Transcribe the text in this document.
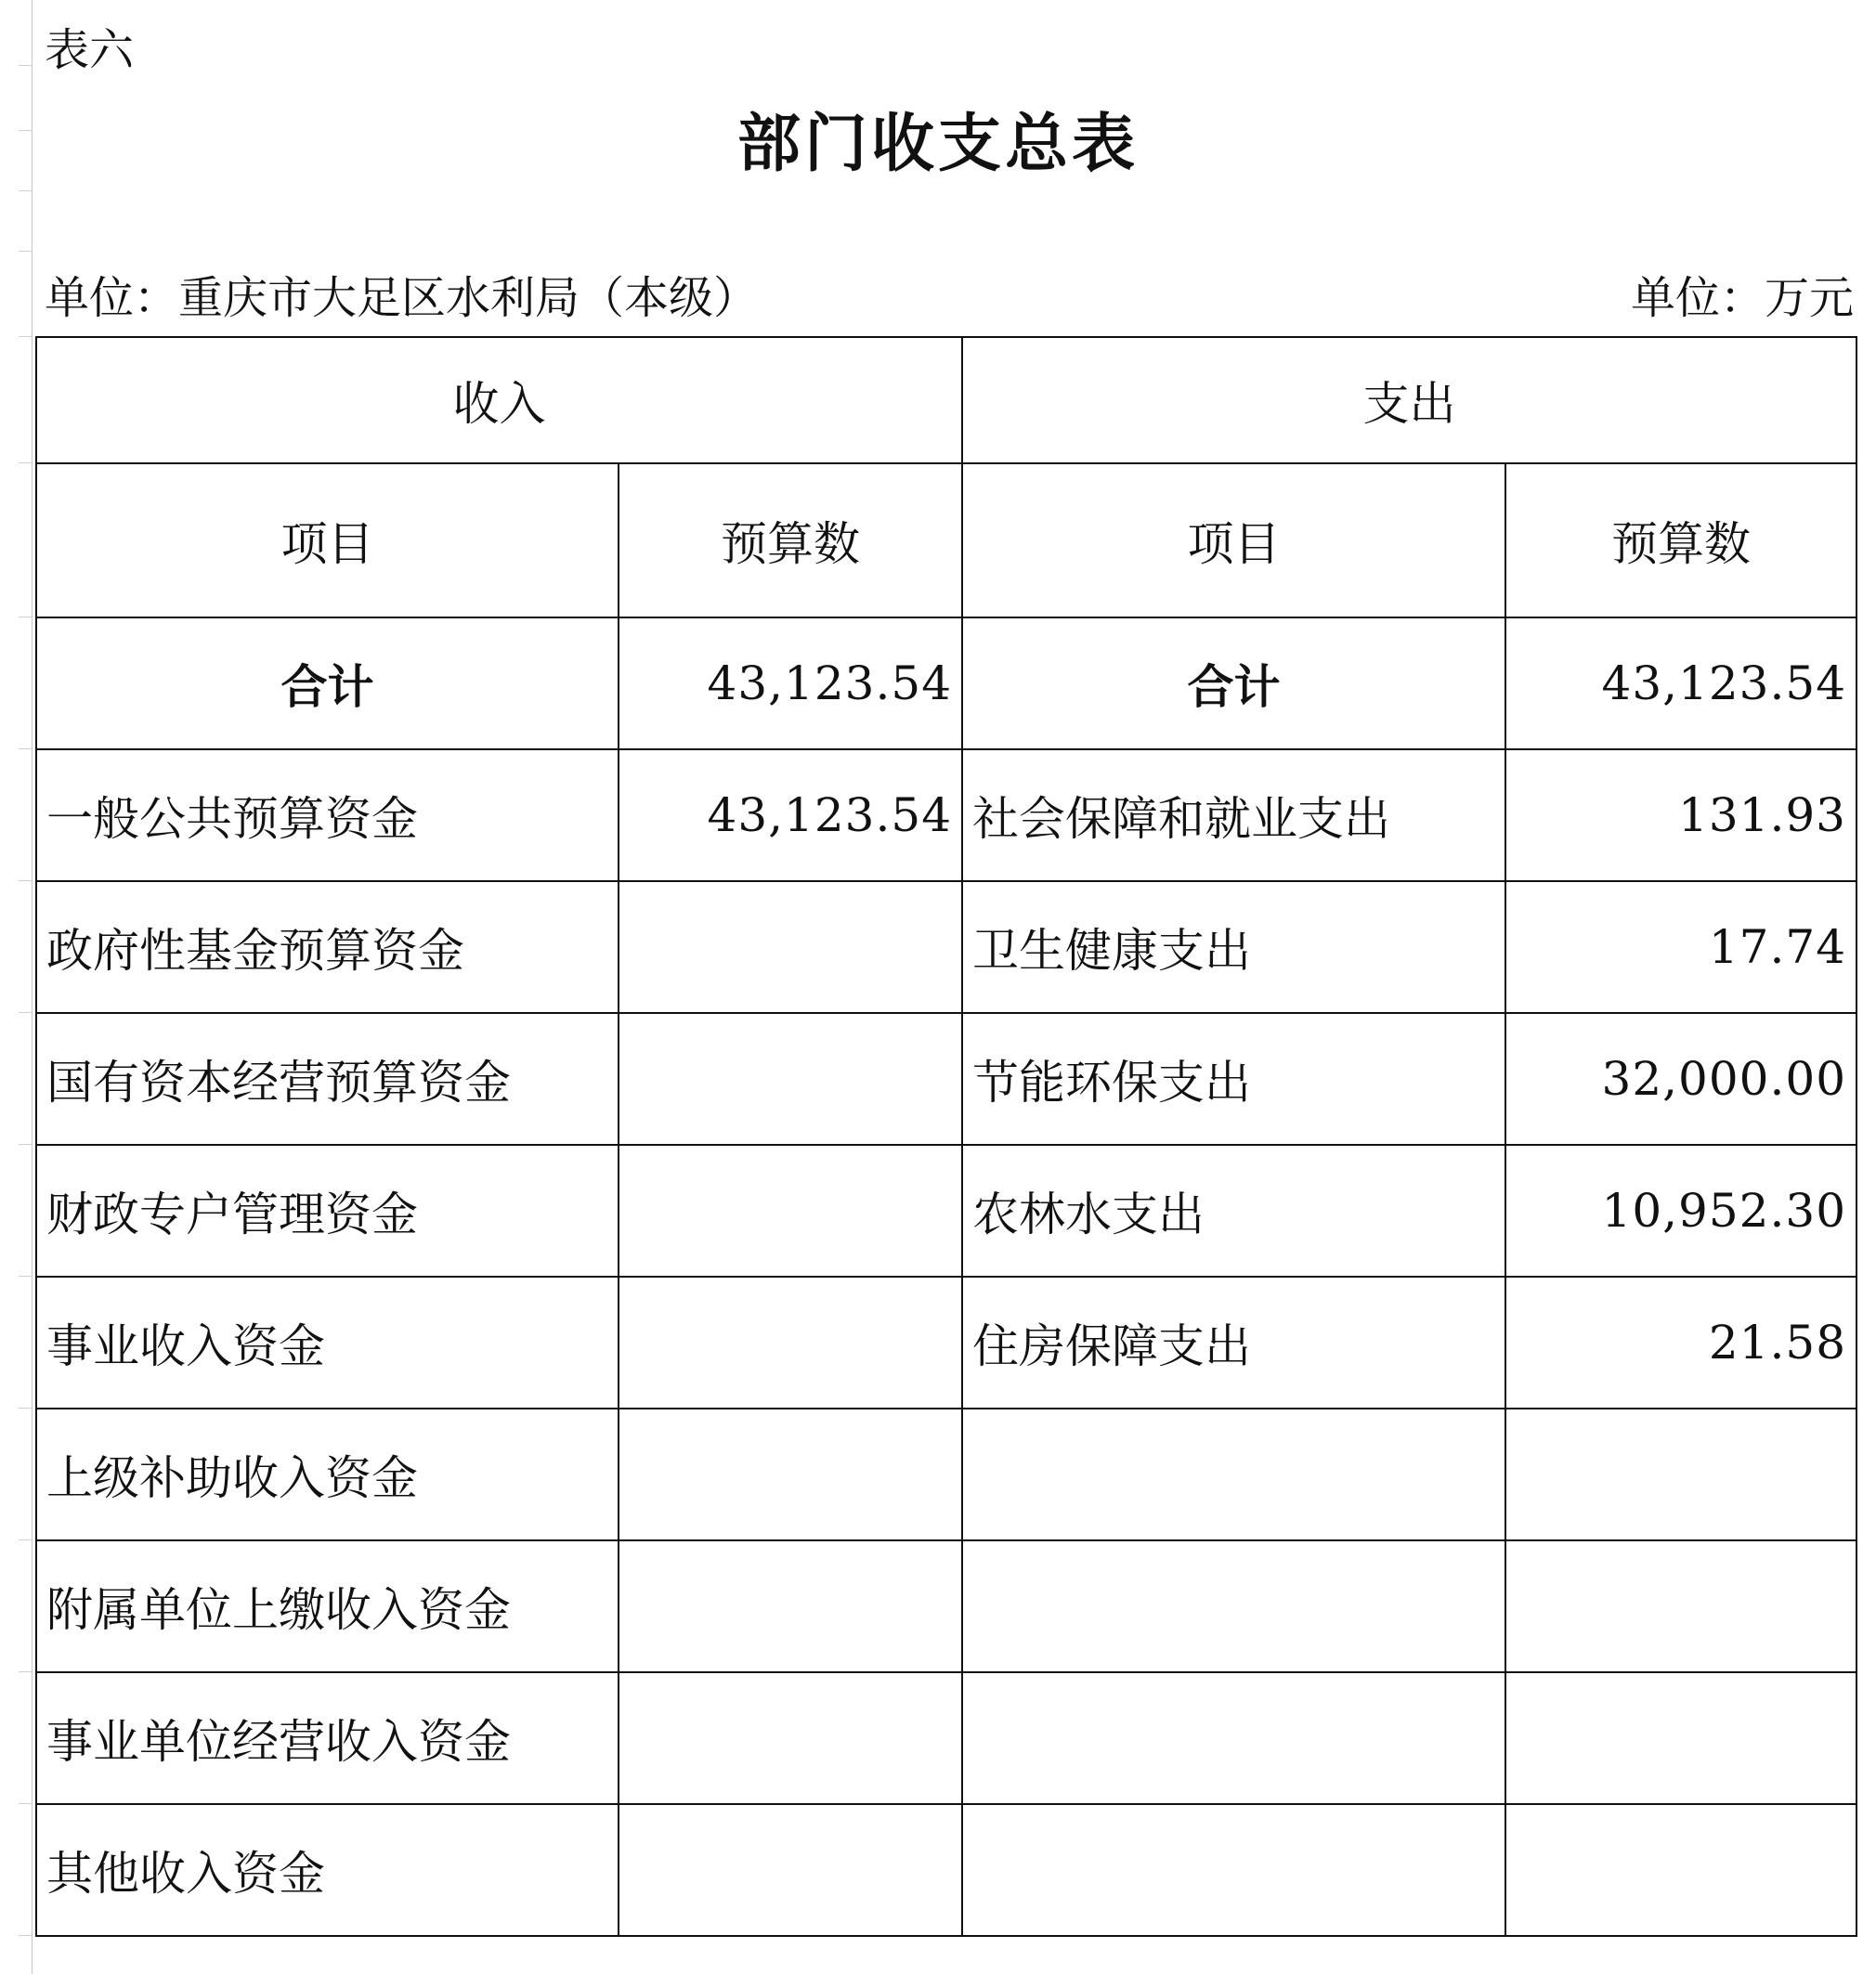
表六
部门收支总表
单位：重庆市大足区水利局（本级）	单位：万元
收入		支出	
项目	预算数	项目	预算数
合计	43,123.54	合计	43,123.54
一般公共预算资金	43,123.54	社会保障和就业支出	131.93
政府性基金预算资金		卫生健康支出	17.74
国有资本经营预算资金		节能环保支出	32,000.00
财政专户管理资金		农林水支出	10,952.30
事业收入资金		住房保障支出	21.58
上级补助收入资金			
附属单位上缴收入资金			
事业单位经营收入资金			
其他收入资金			
